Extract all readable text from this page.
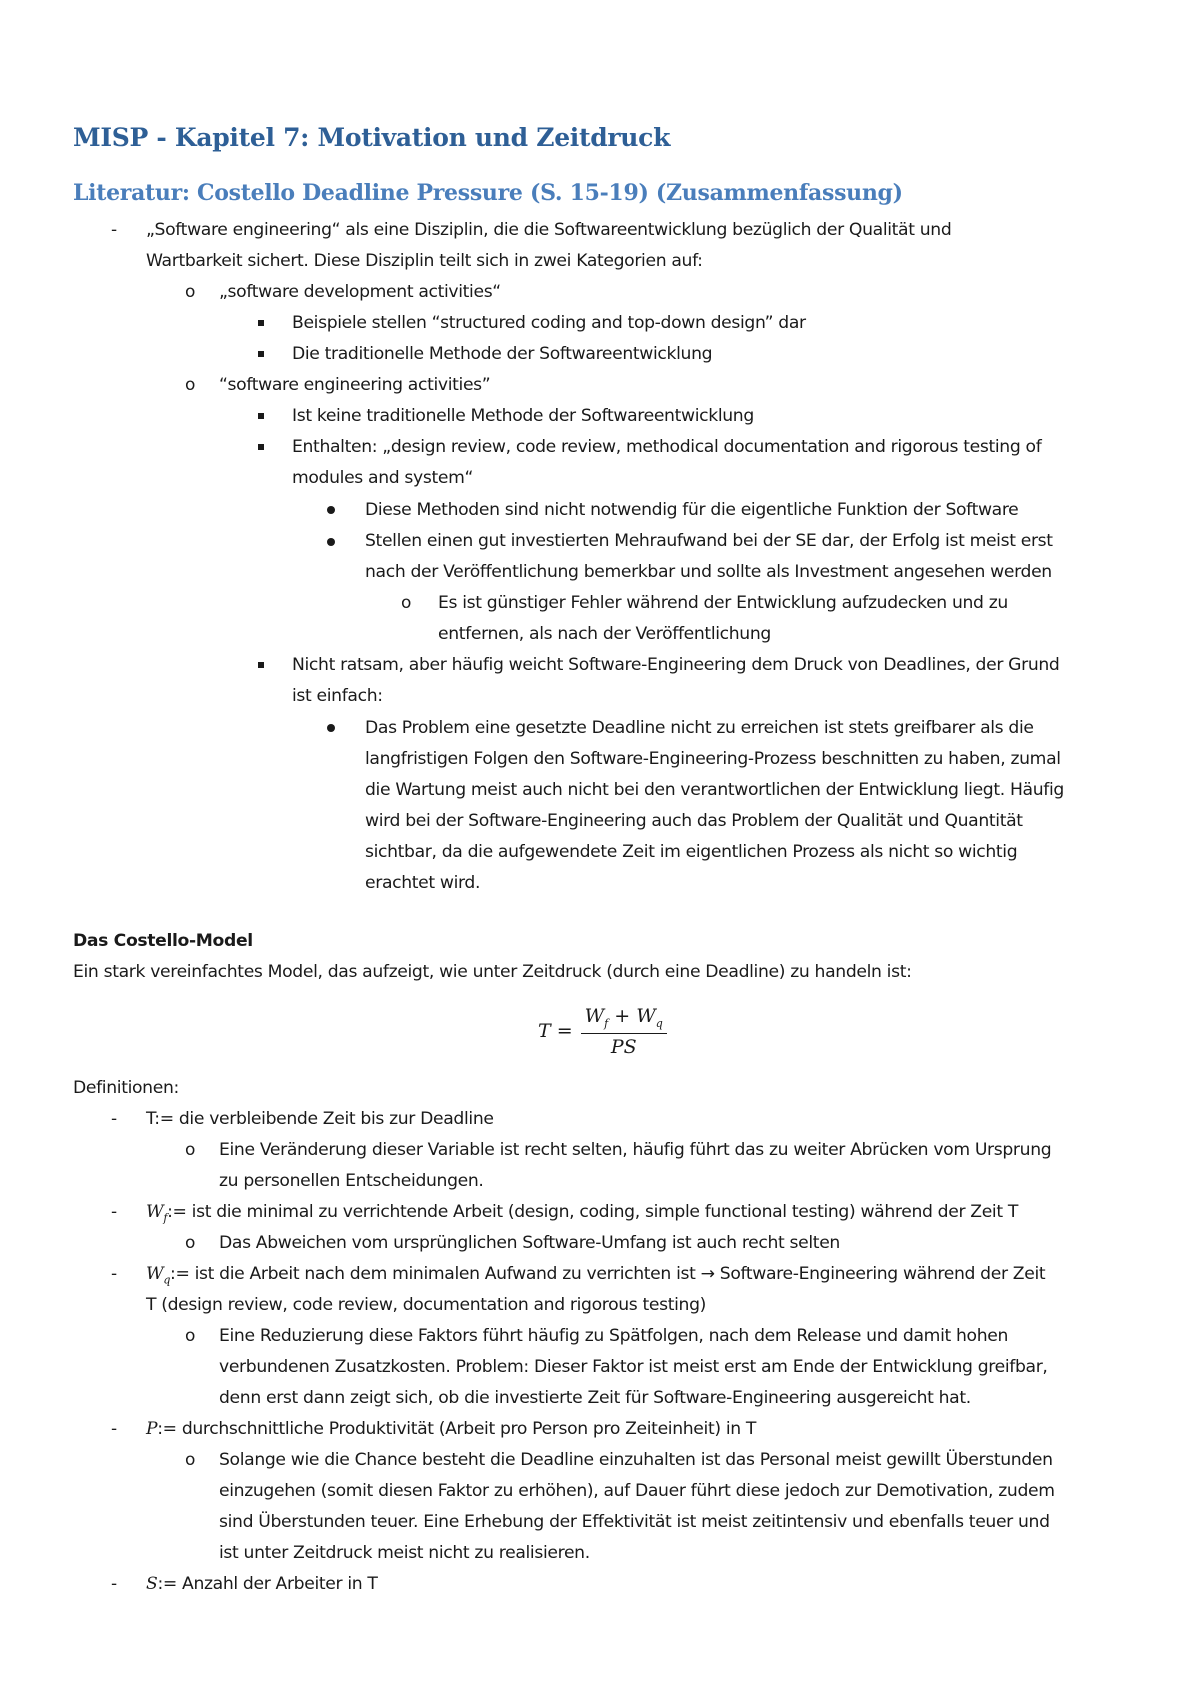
MISP - Kapitel 7: Motivation und Zeitdruck
Literatur: Costello Deadline Pressure (S. 15-19) (Zusammenfassung)
- „Software engineering“ als eine Disziplin, die die Softwareentwicklung bezüglich der Qualität und
Wartbarkeit sichert. Diese Disziplin teilt sich in zwei Kategorien auf:
o „software development activities“
Beispiele stellen “structured coding and top-down design” dar
Die traditionelle Methode der Softwareentwicklung
o “software engineering activities”
Ist keine traditionelle Methode der Softwareentwicklung
Enthalten: „design review, code review, methodical documentation and rigorous testing of
modules and system“
Diese Methoden sind nicht notwendig für die eigentliche Funktion der Software
Stellen einen gut investierten Mehraufwand bei der SE dar, der Erfolg ist meist erst
nach der Veröffentlichung bemerkbar und sollte als Investment angesehen werden
o Es ist günstiger Fehler während der Entwicklung aufzudecken und zu
entfernen, als nach der Veröffentlichung
Nicht ratsam, aber häufig weicht Software-Engineering dem Druck von Deadlines, der Grund
ist einfach:
Das Problem eine gesetzte Deadline nicht zu erreichen ist stets greifbarer als die
langfristigen Folgen den Software-Engineering-Prozess beschnitten zu haben, zumal
die Wartung meist auch nicht bei den verantwortlichen der Entwicklung liegt. Häufig
wird bei der Software-Engineering auch das Problem der Qualität und Quantität
sichtbar, da die aufgewendete Zeit im eigentlichen Prozess als nicht so wichtig
erachtet wird.
Das Costello-Model
Ein stark vereinfachtes Model, das aufzeigt, wie unter Zeitdruck (durch eine Deadline) zu handeln ist:
$T = \frac{W_f + W_q}{PS}$
Definitionen:
- T:= die verbleibende Zeit bis zur Deadline
o Eine Veränderung dieser Variable ist recht selten, häufig führt das zu weiter Abrücken vom Ursprung
zu personellen Entscheidungen.
- $W_f:=$ ist die minimal zu verrichtende Arbeit (design, coding, simple functional testing) während der Zeit T
o Das Abweichen vom ursprünglichen Software-Umfang ist auch recht selten
- $W_q:=$ ist die Arbeit nach dem minimalen Aufwand zu verrichten ist → Software-Engineering während der Zeit
T (design review, code review, documentation and rigorous testing)
o Eine Reduzierung diese Faktors führt häufig zu Spätfolgen, nach dem Release und damit hohen
verbundenen Zusatzkosten. Problem: Dieser Faktor ist meist erst am Ende der Entwicklung greifbar,
denn erst dann zeigt sich, ob die investierte Zeit für Software-Engineering ausgereicht hat.
- P:= durchschnittliche Produktivität (Arbeit pro Person pro Zeiteinheit) in T
o Solange wie die Chance besteht die Deadline einzuhalten ist das Personal meist gewillt Überstunden
einzugehen (somit diesen Faktor zu erhöhen), auf Dauer führt diese jedoch zur Demotivation, zudem
sind Überstunden teuer. Eine Erhebung der Effektivität ist meist zeitintensiv und ebenfalls teuer und
ist unter Zeitdruck meist nicht zu realisieren.
- S:= Anzahl der Arbeiter in T
